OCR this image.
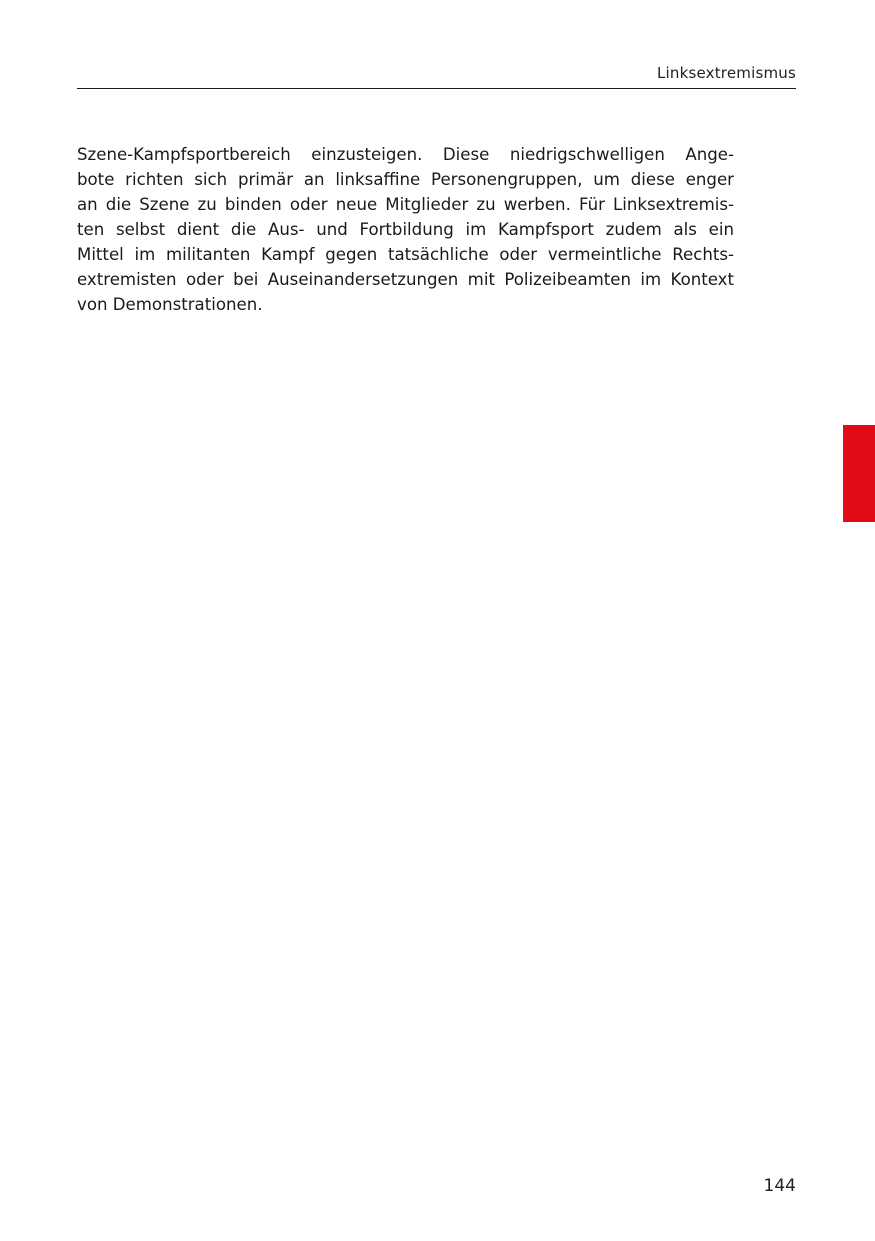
Linksextremismus
Szene-Kampfsportbereich einzusteigen. Diese niedrigschwelligen Ange-
bote richten sich primär an linksaffine Personengruppen, um diese enger
an die Szene zu binden oder neue Mitglieder zu werben. Für Linksextremis-
ten selbst dient die Aus- und Fortbildung im Kampfsport zudem als ein
Mittel im militanten Kampf gegen tatsächliche oder vermeintliche Rechts-
extremisten oder bei Auseinandersetzungen mit Polizeibeamten im Kontext
von Demonstrationen.
144
